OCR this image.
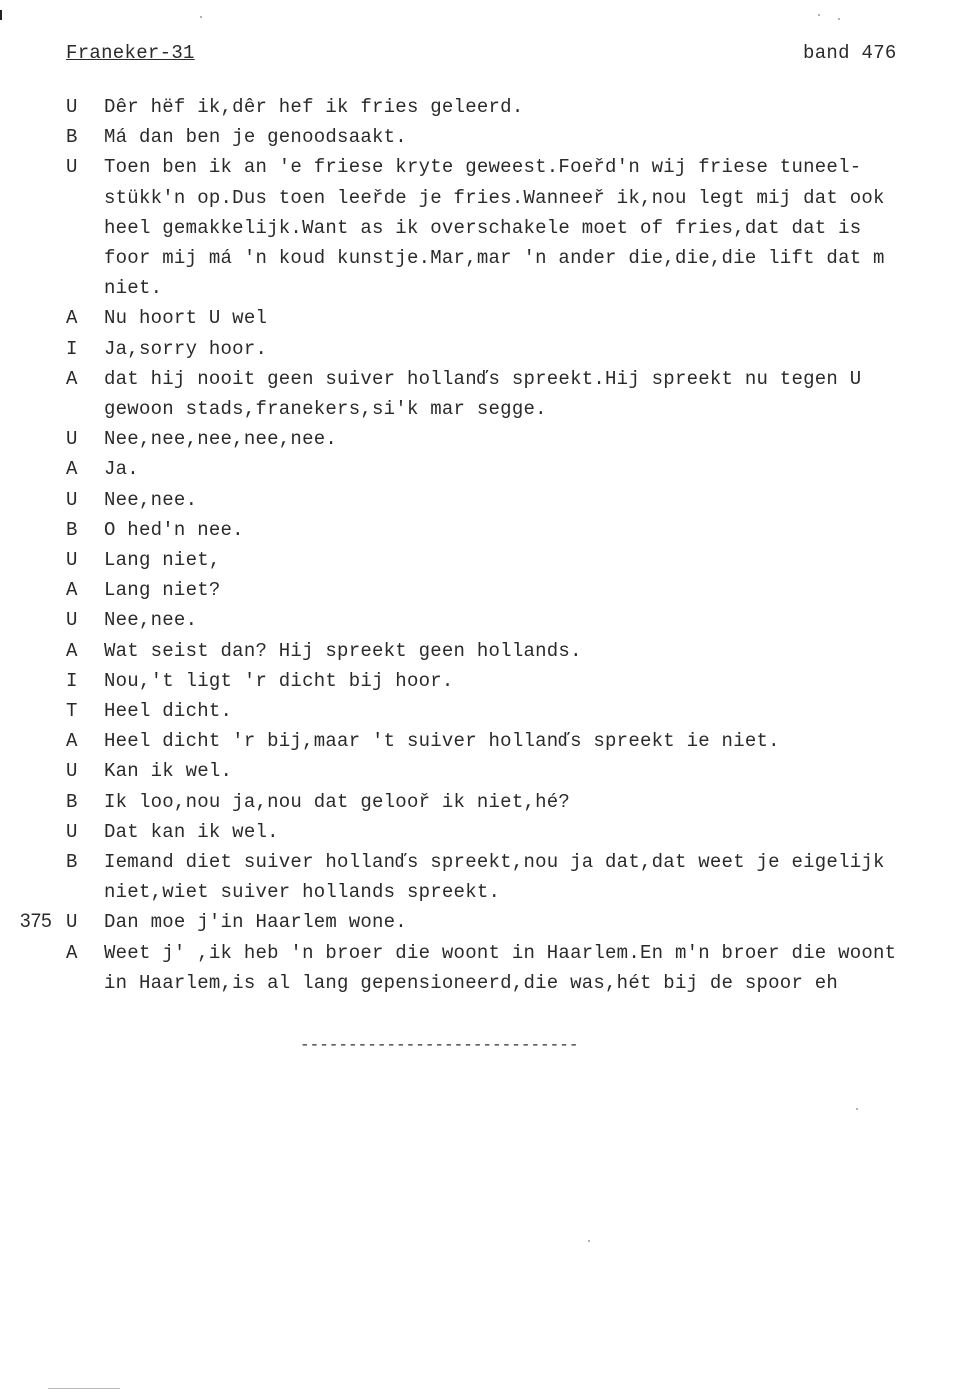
Franeker-31	band 476
U	Dêr hëf ik,dêr hef ik fries geleerd.
B	Má dan ben je genoodsaakt.
U	Toen ben ik an 'e friese kryte geweest.Foeřd'n wij friese tuneel-
stükk'n op.Dus toen leeřde je fries.Wanneeř ik,nou legt mij dat ook
heel gemakkelijk.Want as ik overschakele moet of fries,dat dat is
foor mij má 'n koud kunstje.Mar,mar 'n ander die,die,die lift dat m
niet.
A	Nu hoort U wel
I	Ja,sorry hoor.
A	dat hij nooit geen suiver hollanďs spreekt.Hij spreekt nu tegen U
gewoon stads,franekers,si'k mar segge.
U	Nee,nee,nee,nee,nee.
A	Ja.
U	Nee,nee.
B	O hed'n nee.
U	Lang niet,
A	Lang niet?
U	Nee,nee.
A	Wat seist dan? Hij spreekt geen hollands.
I	Nou,'t ligt 'r dicht bij hoor.
T	Heel dicht.
A	Heel dicht 'r bij,maar 't suiver hollanďs spreekt ie niet.
U	Kan ik wel.
B	Ik loo,nou ja,nou dat gelooř ik niet,hé?
U	Dat kan ik wel.
B	Iemand diet suiver hollanďs spreekt,nou ja dat,dat weet je eigelijk
niet,wiet suiver hollands spreekt.
375 U	Dan moe j'in Haarlem wone.
A	Weet j' ,ik heb 'n broer die woont in Haarlem.En m'n broer die woont
in Haarlem,is al lang gepensioneerd,die was,hét bij de spoor eh
-----------------------------
